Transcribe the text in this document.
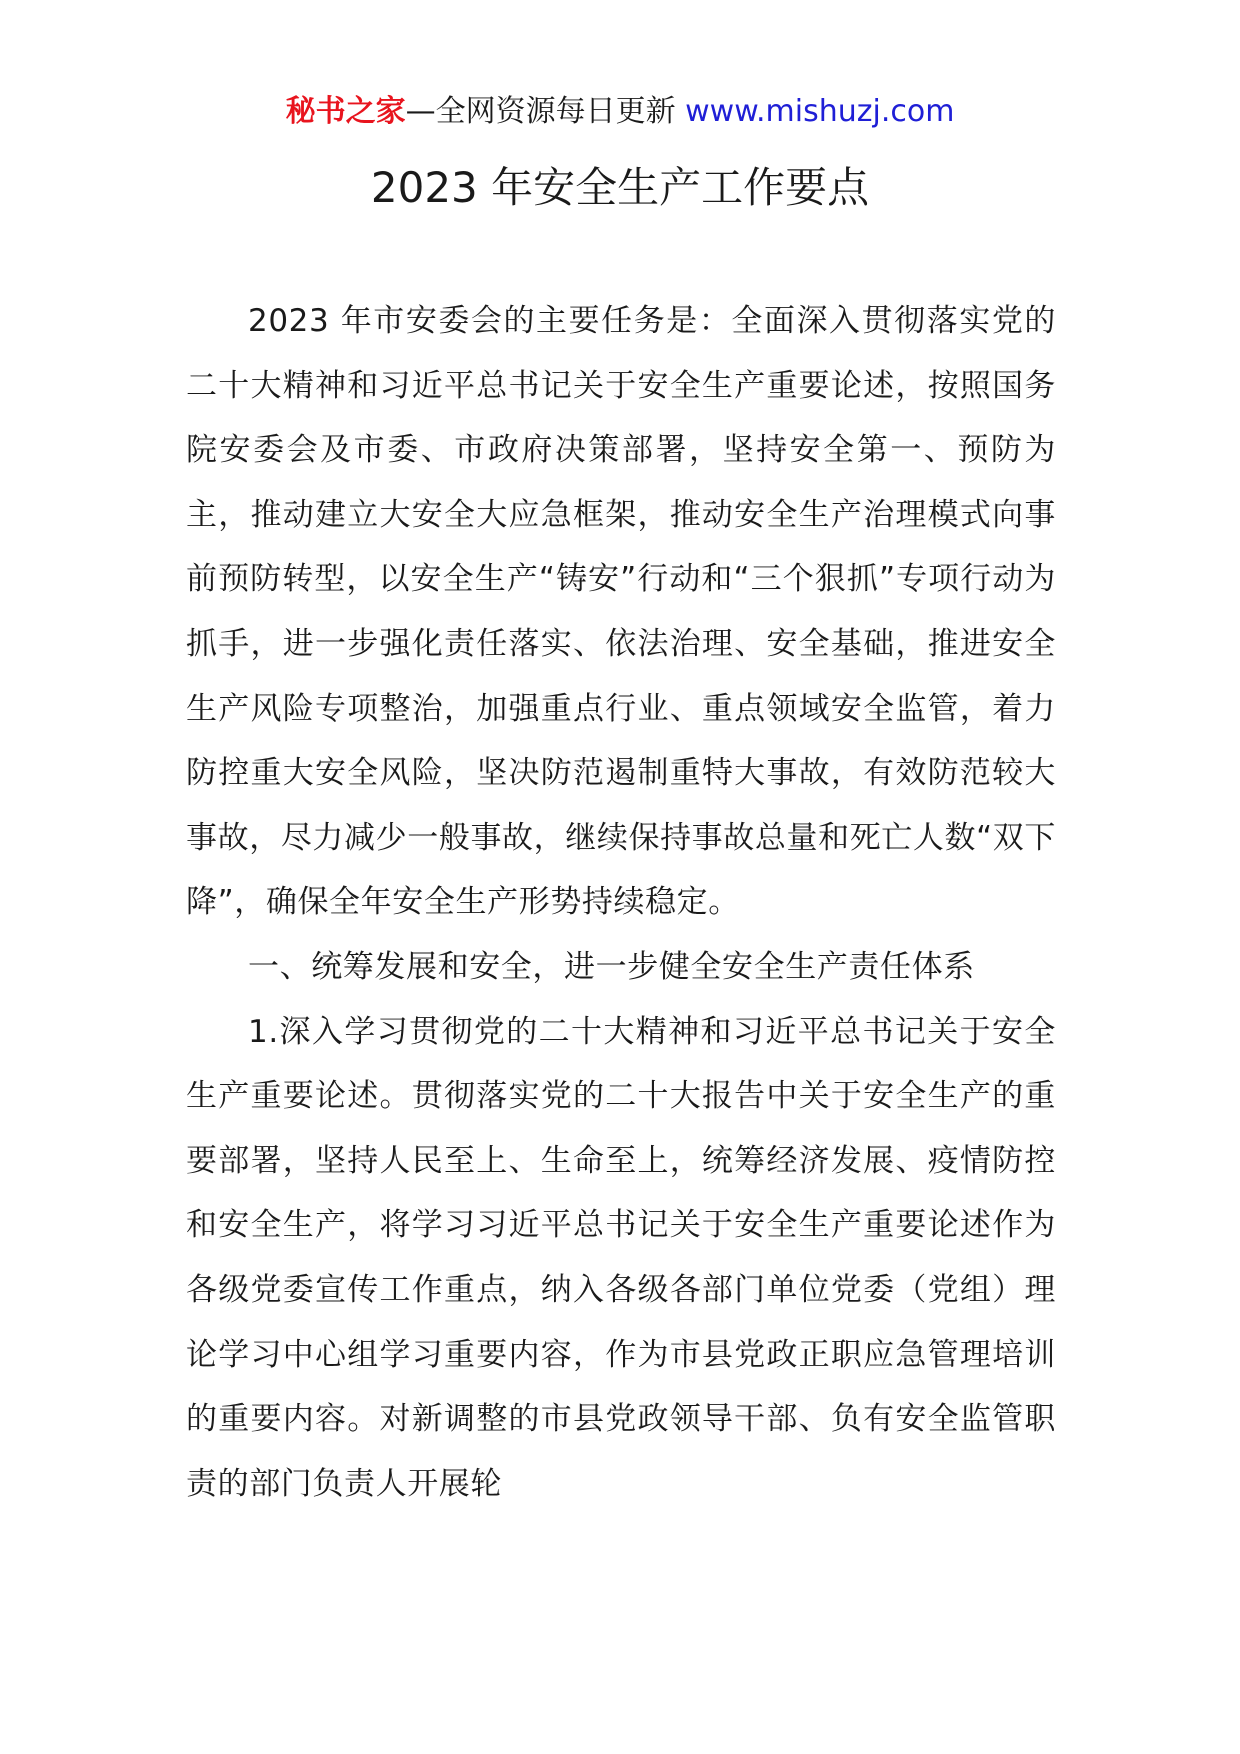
秘书之家—全网资源每日更新 www.mishuzj.com
2023 年安全生产工作要点

2023 年市安委会的主要任务是：全面深入贯彻落实党的二十大精神和习近平总书记关于安全生产重要论述，按照国务院安委会及市委、市政府决策部署，坚持安全第一、预防为主，推动建立大安全大应急框架，推动安全生产治理模式向事前预防转型，以安全生产“铸安”行动和“三个狠抓”专项行动为抓手，进一步强化责任落实、依法治理、安全基础，推进安全生产风险专项整治，加强重点行业、重点领域安全监管，着力防控重大安全风险，坚决防范遏制重特大事故，有效防范较大事故，尽力减少一般事故，继续保持事故总量和死亡人数“双下降”，确保全年安全生产形势持续稳定。

一、统筹发展和安全，进一步健全安全生产责任体系

1.深入学习贯彻党的二十大精神和习近平总书记关于安全生产重要论述。贯彻落实党的二十大报告中关于安全生产的重要部署，坚持人民至上、生命至上，统筹经济发展、疫情防控和安全生产，将学习习近平总书记关于安全生产重要论述作为各级党委宣传工作重点，纳入各级各部门单位党委（党组）理论学习中心组学习重要内容，作为市县党政正职应急管理培训的重要内容。对新调整的市县党政领导干部、负有安全监管职责的部门负责人开展轮
